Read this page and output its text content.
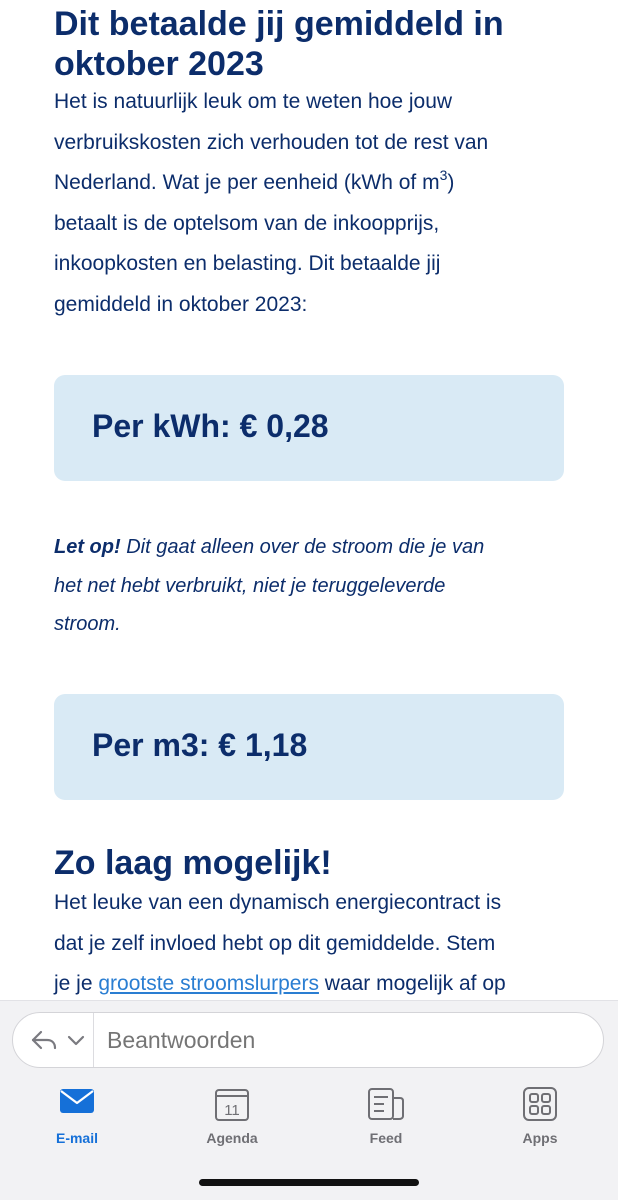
Dit betaalde jij gemiddeld in oktober 2023
Het is natuurlijk leuk om te weten hoe jouw
verbruikskosten zich verhouden tot de rest van
Nederland. Wat je per eenheid (kWh of $m^3$)
betaalt is de optelsom van de inkoopprijs,
inkoopkosten en belasting. Dit betaalde jij
gemiddeld in oktober 2023:
Per kWh: € 0,28
Let op! Dit gaat alleen over de stroom die je van
het net hebt verbruikt, niet je teruggeleverde
stroom.
Per m3: € 1,18
Zo laag mogelijk!
Het leuke van een dynamisch energiecontract is
dat je zelf invloed hebt op dit gemiddelde. Stem
je je grootste stroomslurpers waar mogelijk af op
Beantwoorden
E-mail
11
Agenda	Feed	Apps
